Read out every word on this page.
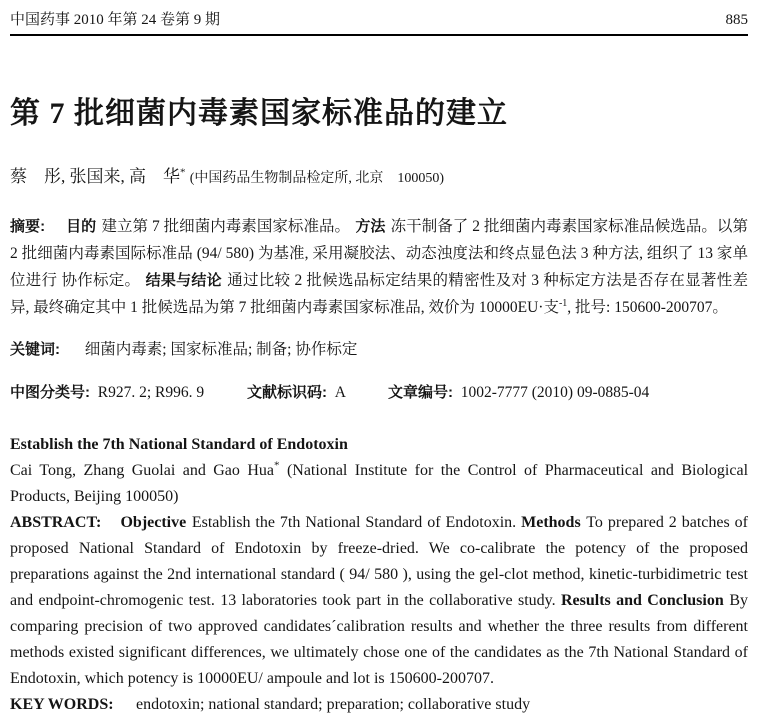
中国药事 2010 年第 24 卷第 9 期	885
第 7 批细菌内毒素国家标准品的建立
蔡　彤, 张国来, 高　华* (中国药品生物制品检定所, 北京　100050)
摘要: 目的 建立第 7 批细菌内毒素国家标准品。 方法 冻干制备了 2 批细菌内毒素国家标准品候选品。以第 2 批细菌内毒素国际标准品 (94/ 580) 为基准, 采用凝胶法、动态浊度法和终点显色法 3 种方法, 组织了 13 家单位进行 协作标定。 结果与结论 通过比较 2 批候选品标定结果的精密性及对 3 种标定方法是否存在显著性差异, 最终确定其中 1 批候选品为第 7 批细菌内毒素国家标准品, 效价为 10000EU·支$^{-1}$, 批号: 150600-200707。
关键词: 细菌内毒素; 国家标准品; 制备; 协作标定
中图分类号: R927. 2; R996. 9	文献标识码: A	文章编号: 1002-7777 (2010) 09-0885-04
Establish the 7th National Standard of Endotoxin
Cai Tong, Zhang Guolai and Gao Hua* (National Institute for the Control of Pharmaceutical and Biological Products, Beijing 100050)
ABSTRACT: Objective Establish the 7th National Standard of Endotoxin. Methods To prepared 2 batches of proposed National Standard of Endotoxin by freeze-dried. We co-calibrate the potency of the proposed preparations against the 2nd international standard ( 94/ 580 ), using the gel-clot method, kinetic-turbidimetric test and endpoint-chromogenic test. 13 laboratories took part in the collaborative study. Results and Conclusion By comparing precision of two approved candidates´calibration results and whether the three results from different methods existed significant differences, we ultimately chose one of the candidates as the 7th National Standard of Endotoxin, which potency is 10000EU/ ampoule and lot is 150600-200707.
KEY WORDS: endotoxin; national standard; preparation; collaborative study
